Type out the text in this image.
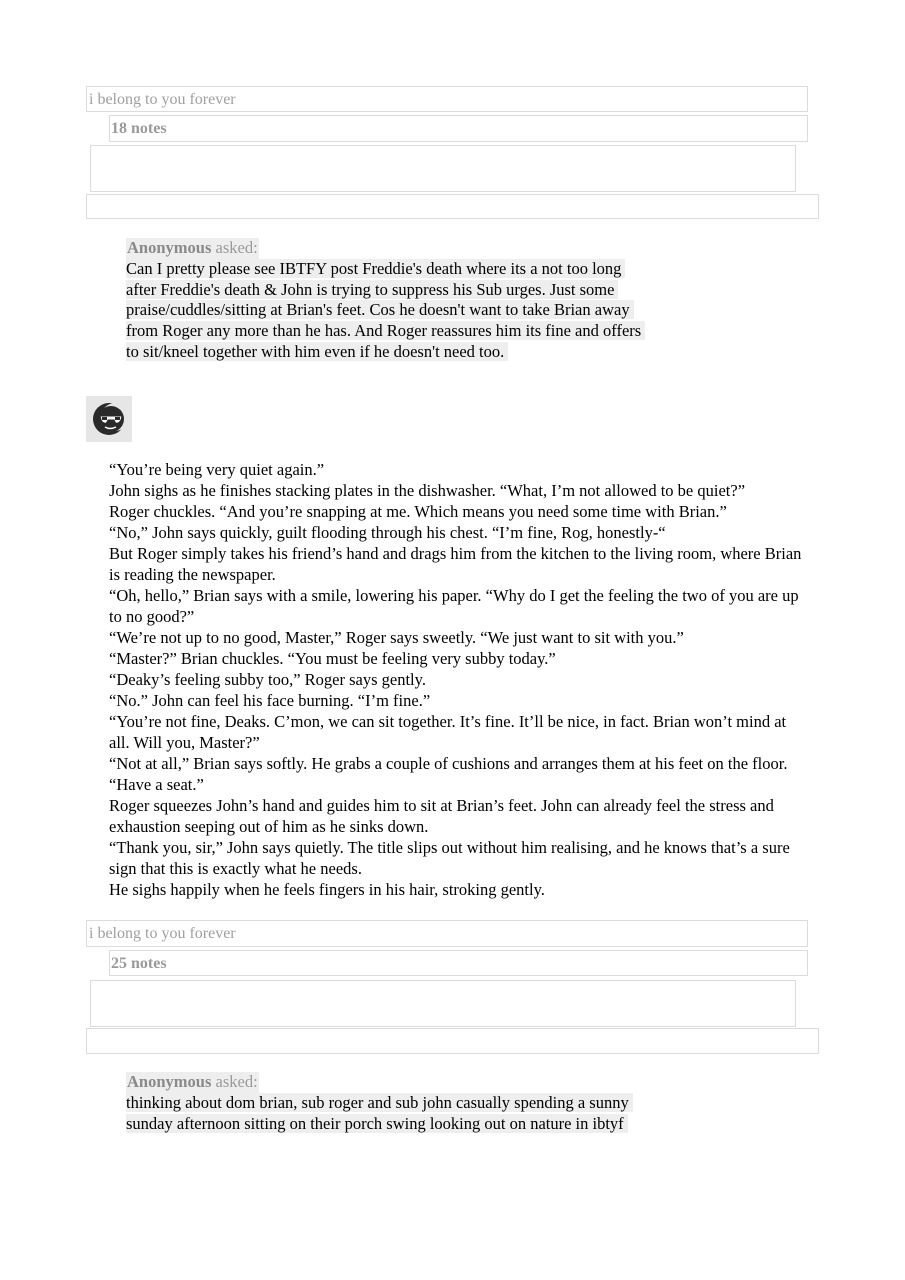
i belong to you forever
18 notes
Anonymous asked:
Can I pretty please see IBTFY post Freddie's death where its a not too long
after Freddie's death & John is trying to suppress his Sub urges. Just some
praise/cuddles/sitting at Brian's feet. Cos he doesn't want to take Brian away
from Roger any more than he has. And Roger reassures him its fine and offers
to sit/kneel together with him even if he doesn't need too.

“You’re being very quiet again.”

John sighs as he finishes stacking plates in the dishwasher. “What, I’m not allowed to be quiet?”

Roger chuckles. “And you’re snapping at me. Which means you need some time with Brian.”

“No,” John says quickly, guilt flooding through his chest. “I’m fine, Rog, honestly-“

But Roger simply takes his friend’s hand and drags him from the kitchen to the living room, where Brian is reading the newspaper.

“Oh, hello,” Brian says with a smile, lowering his paper. “Why do I get the feeling the two of you are up to no good?”

“We’re not up to no good, Master,” Roger says sweetly. “We just want to sit with you.”

“Master?” Brian chuckles. “You must be feeling very subby today.”

“Deaky’s feeling subby too,” Roger says gently.

“No.” John can feel his face burning. “I’m fine.”

“You’re not fine, Deaks. C’mon, we can sit together. It’s fine. It’ll be nice, in fact. Brian won’t mind at all. Will you, Master?”

“Not at all,” Brian says softly. He grabs a couple of cushions and arranges them at his feet on the floor. “Have a seat.”

Roger squeezes John’s hand and guides him to sit at Brian’s feet. John can already feel the stress and exhaustion seeping out of him as he sinks down.

“Thank you, sir,” John says quietly. The title slips out without him realising, and he knows that’s a sure sign that this is exactly what he needs.

He sighs happily when he feels fingers in his hair, stroking gently.

i belong to you forever
25 notes
Anonymous asked:
thinking about dom brian, sub roger and sub john casually spending a sunny
sunday afternoon sitting on their porch swing looking out on nature in ibtyf
